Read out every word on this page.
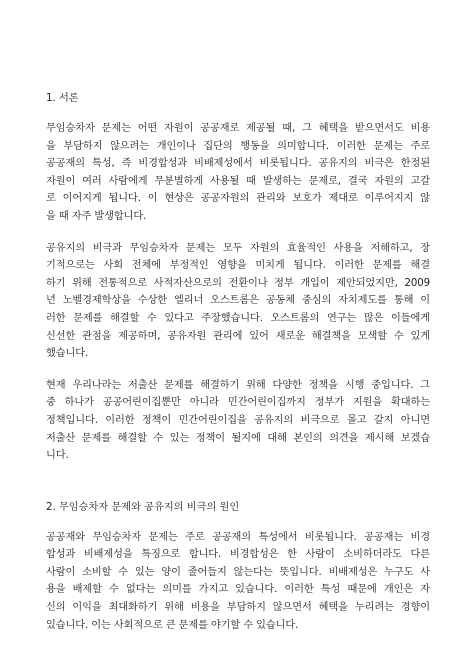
1. 서론
무임승차자 문제는 어떤 자원이 공공재로 제공될 때, 그 혜택을 받으면서도 비용
을 부담하지 않으려는 개인이나 집단의 행동을 의미합니다. 이러한 문제는 주로
공공재의 특성, 즉 비경합성과 비배제성에서 비롯됩니다. 공유지의 비극은 한정된
자원이 여러 사람에게 무분별하게 사용될 때 발생하는 문제로, 결국 자원의 고갈
로 이어지게 됩니다. 이 현상은 공공자원의 관리와 보호가 제대로 이루어지지 않
을 때 자주 발생합니다.
공유지의 비극과 무임승차자 문제는 모두 자원의 효율적인 사용을 저해하고, 장
기적으로는 사회 전체에 부정적인 영향을 미치게 됩니다. 이러한 문제를 해결
하기 위해 전통적으로 사적자산으로의 전환이나 정부 개입이 제안되었지만, 2009
년 노벨경제학상을 수상한 엘리너 오스트롬은 공동체 중심의 자치제도를 통해 이
러한 문제를 해결할 수 있다고 주장했습니다. 오스트롬의 연구는 많은 이들에게
신선한 관점을 제공하며, 공유자원 관리에 있어 새로운 해결책을 모색할 수 있게
했습니다.
현재 우리나라는 저출산 문제를 해결하기 위해 다양한 정책을 시행 중입니다. 그
중 하나가 공공어린이집뿐만 아니라 민간어린이집까지 정부가 지원을 확대하는
정책입니다. 이러한 정책이 민간어린이집을 공유지의 비극으로 몰고 갈지 아니면
저출산 문제를 해결할 수 있는 정책이 될지에 대해 본인의 의견을 제시해 보겠습
니다.
2. 무임승차자 문제와 공유지의 비극의 원인
공공재와 무임승차자 문제는 주로 공공재의 특성에서 비롯됩니다. 공공재는 비경
합성과 비배제성을 특징으로 합니다. 비경합성은 한 사람이 소비하더라도 다른
사람이 소비할 수 있는 양이 줄어들지 않는다는 뜻입니다. 비배제성은 누구도 사
용을 배제할 수 없다는 의미를 가지고 있습니다. 이러한 특성 때문에 개인은 자
신의 이익을 최대화하기 위해 비용을 부담하지 않으면서 혜택을 누리려는 경향이
있습니다. 이는 사회적으로 큰 문제를 야기할 수 있습니다.
